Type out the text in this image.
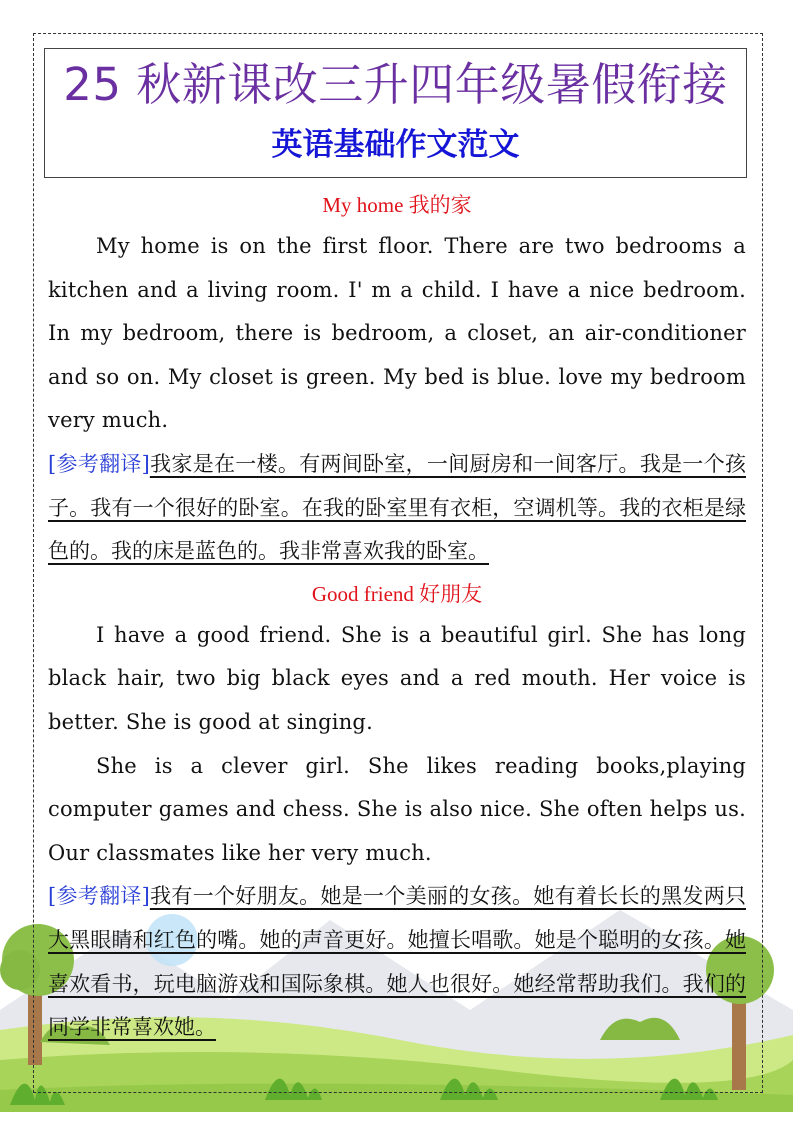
25 秋新课改三升四年级暑假衔接
英语基础作文范文
My home 我的家

My home is on the first floor. There are two bedrooms a kitchen and a living room. I' m a child. I have a nice bedroom. In my bedroom, there is bedroom, a closet, an air-conditioner and so on. My closet is green. My bed is blue. love my bedroom very much.

[参考翻译]我家是在一楼。有两间卧室，一间厨房和一间客厅。我是一个孩子。我有一个很好的卧室。在我的卧室里有衣柜，空调机等。我的衣柜是绿色的。我的床是蓝色的。我非常喜欢我的卧室。

Good friend 好朋友

I have a good friend. She is a beautiful girl. She has long black hair, two big black eyes and a red mouth. Her voice is better. She is good at singing.

She is a clever girl. She likes reading books,playing computer games and chess. She is also nice. She often helps us. Our classmates like her very much.

[参考翻译]我有一个好朋友。她是一个美丽的女孩。她有着长长的黑发两只大黑眼睛和红色的嘴。她的声音更好。她擅长唱歌。她是个聪明的女孩。她喜欢看书，玩电脑游戏和国际象棋。她人也很好。她经常帮助我们。我们的同学非常喜欢她。
